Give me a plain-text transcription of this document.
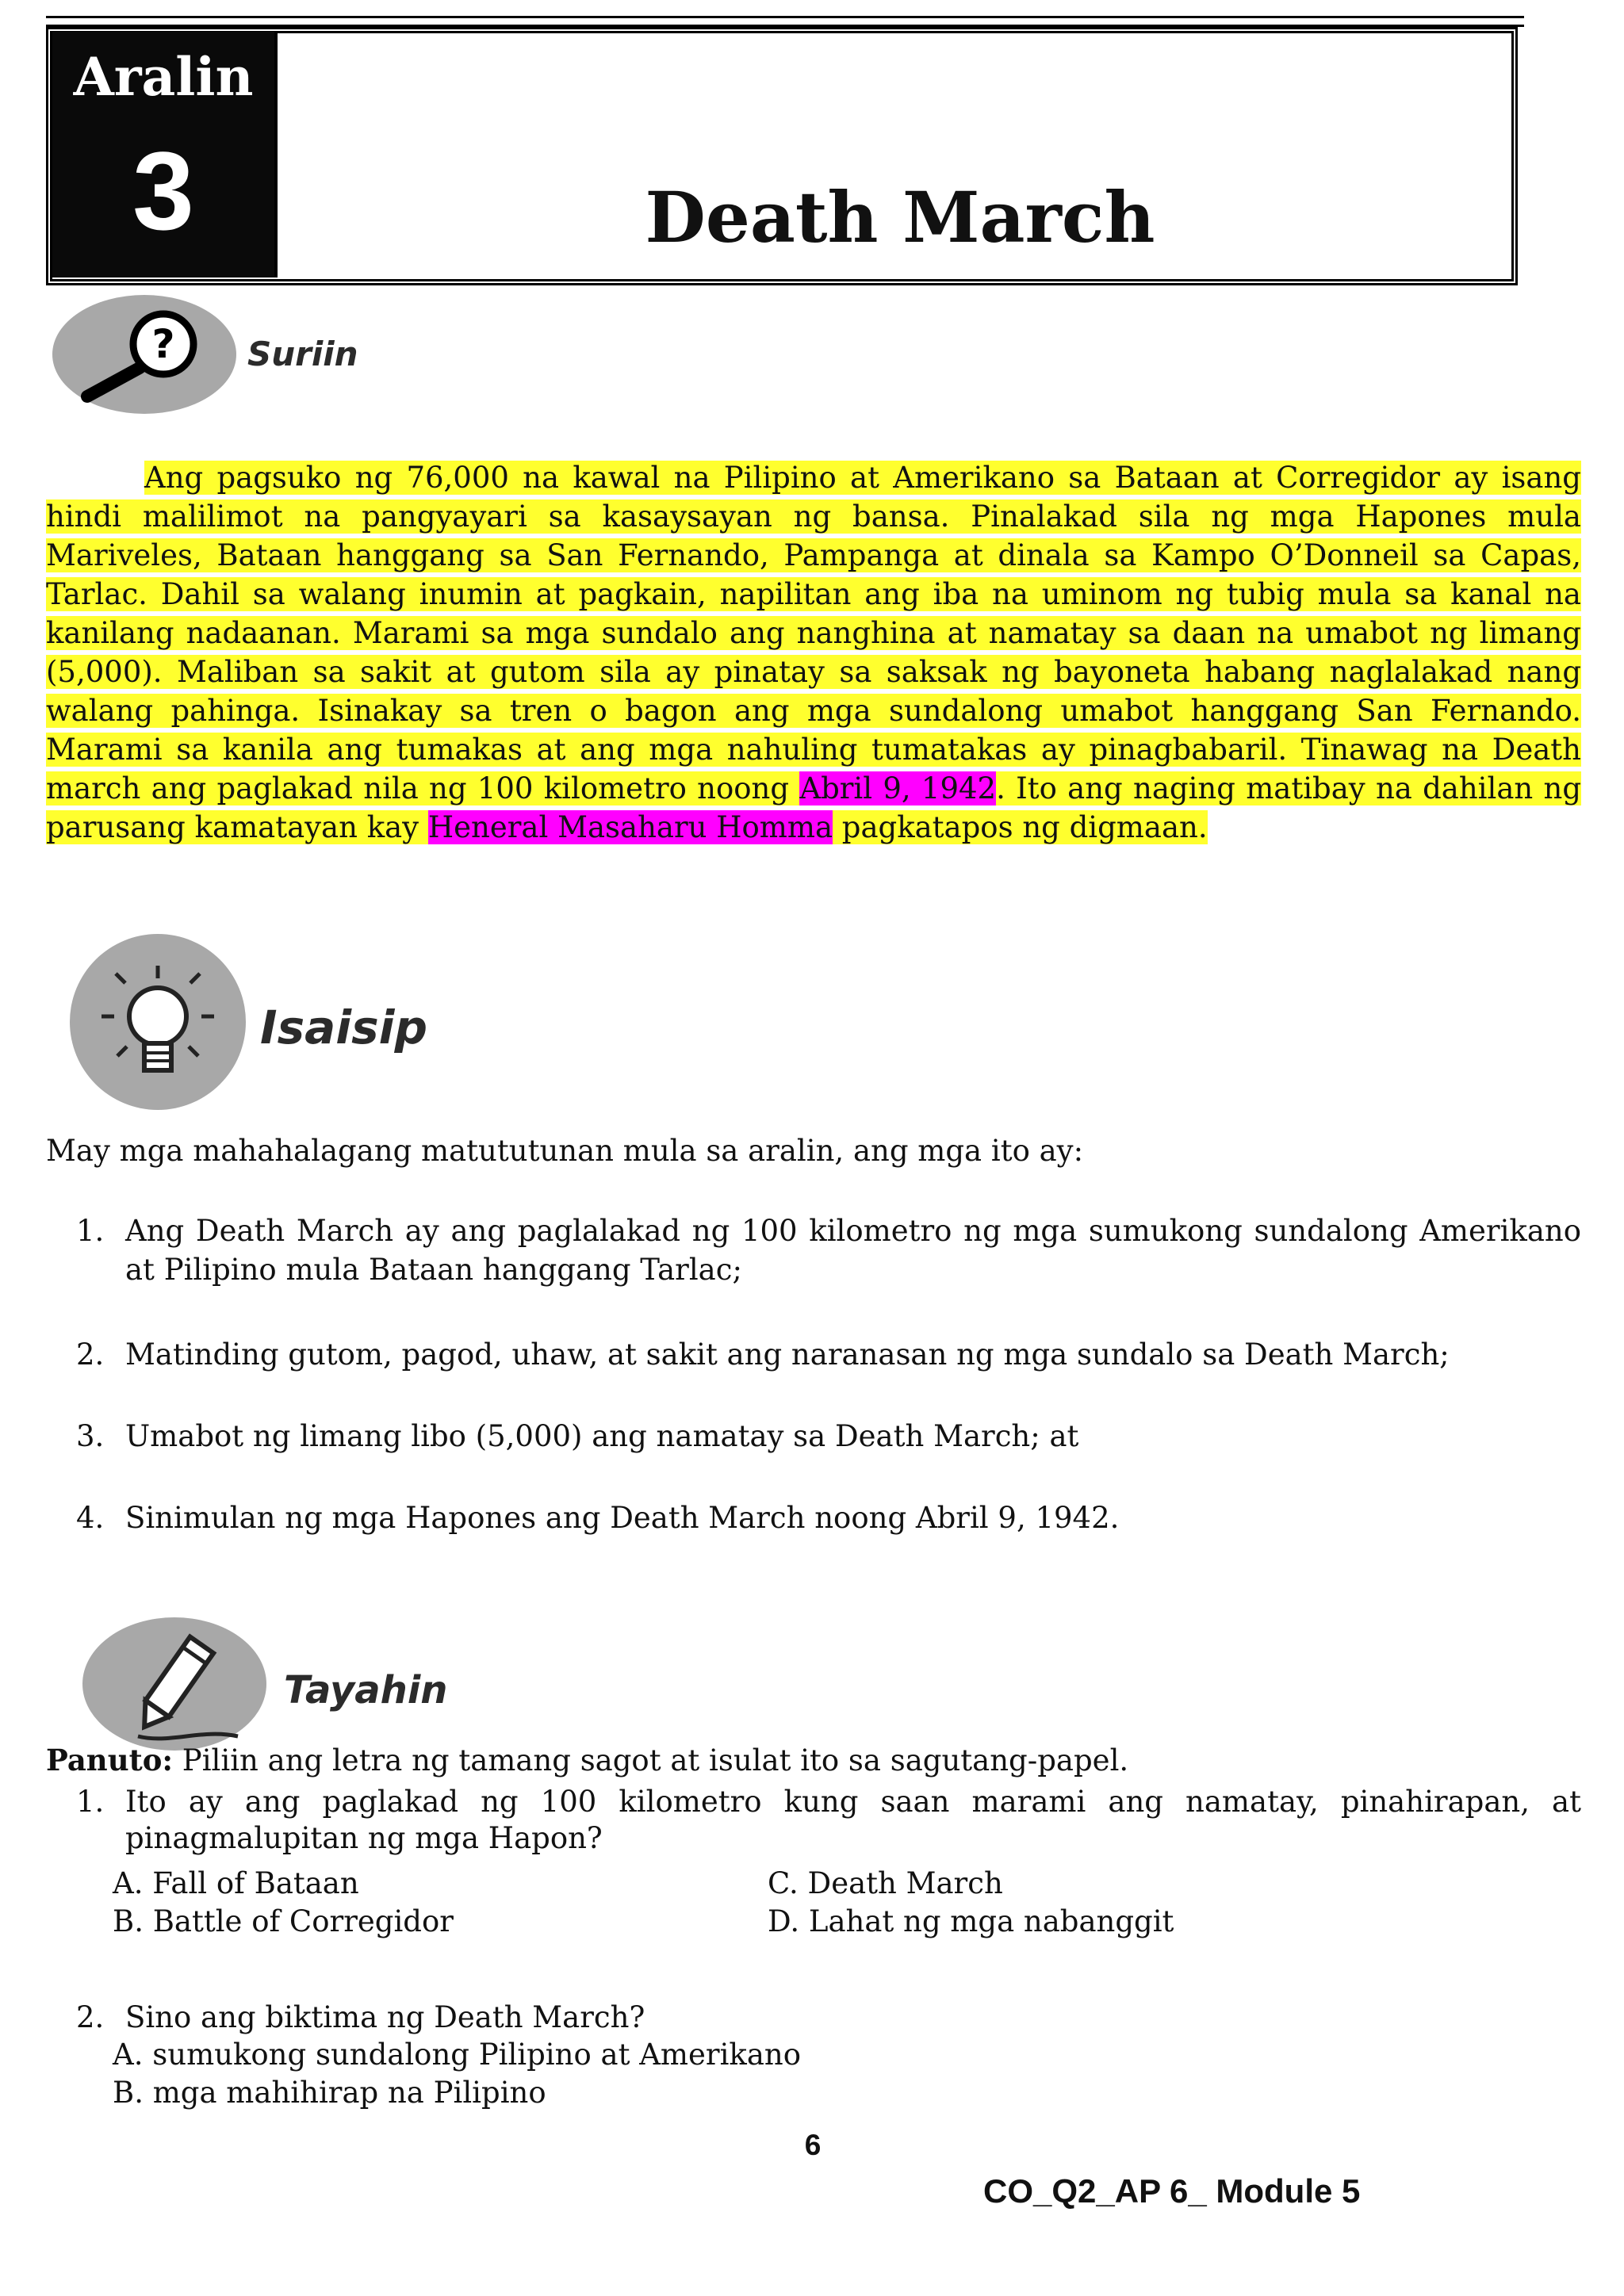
Aralin
3	Death March
? Suriin
Ang pagsuko ng 76,000 na kawal na Pilipino at Amerikano sa Bataan at Corregidor ay isang hindi malilimot na pangyayari sa kasaysayan ng bansa. Pinalakad sila ng mga Hapones mula Mariveles, Bataan hanggang sa San Fernando, Pampanga at dinala sa Kampo O’Donneil sa Capas, Tarlac. Dahil sa walang inumin at pagkain, napilitan ang iba na uminom ng tubig mula sa kanal na kanilang nadaanan. Marami sa mga sundalo ang nanghina at namatay sa daan na umabot ng limang (5,000). Maliban sa sakit at gutom sila ay pinatay sa saksak ng bayoneta habang naglalakad nang walang pahinga. Isinakay sa tren o bagon ang mga sundalong umabot hanggang San Fernando. Marami sa kanila ang tumakas at ang mga nahuling tumatakas ay pinagbabaril. Tinawag na Death march ang paglakad nila ng 100 kilometro noong Abril 9, 1942. Ito ang naging matibay na dahilan ng parusang kamatayan kay Heneral Masaharu Homma pagkatapos ng digmaan.
Isaisip
May mga mahahalagang matututunan mula sa aralin, ang mga ito ay:
1. Ang Death March ay ang paglalakad ng 100 kilometro ng mga sumukong sundalong Amerikano at Pilipino mula Bataan hanggang Tarlac;
2. Matinding gutom, pagod, uhaw, at sakit ang naranasan ng mga sundalo sa Death March;
3. Umabot ng limang libo (5,000) ang namatay sa Death March; at
4. Sinimulan ng mga Hapones ang Death March noong Abril 9, 1942.
Tayahin
Panuto: Piliin ang letra ng tamang sagot at isulat ito sa sagutang-papel.
1. Ito ay ang paglakad ng 100 kilometro kung saan marami ang namatay, pinahirapan, at pinagmalupitan ng mga Hapon?
A. Fall of Bataan
B. Battle of Corregidor
C. Death March
D. Lahat ng mga nabanggit
2. Sino ang biktima ng Death March?
A. sumukong sundalong Pilipino at Amerikano
B. mga mahihirap na Pilipino
6
CO_Q2_AP 6_ Module 5
